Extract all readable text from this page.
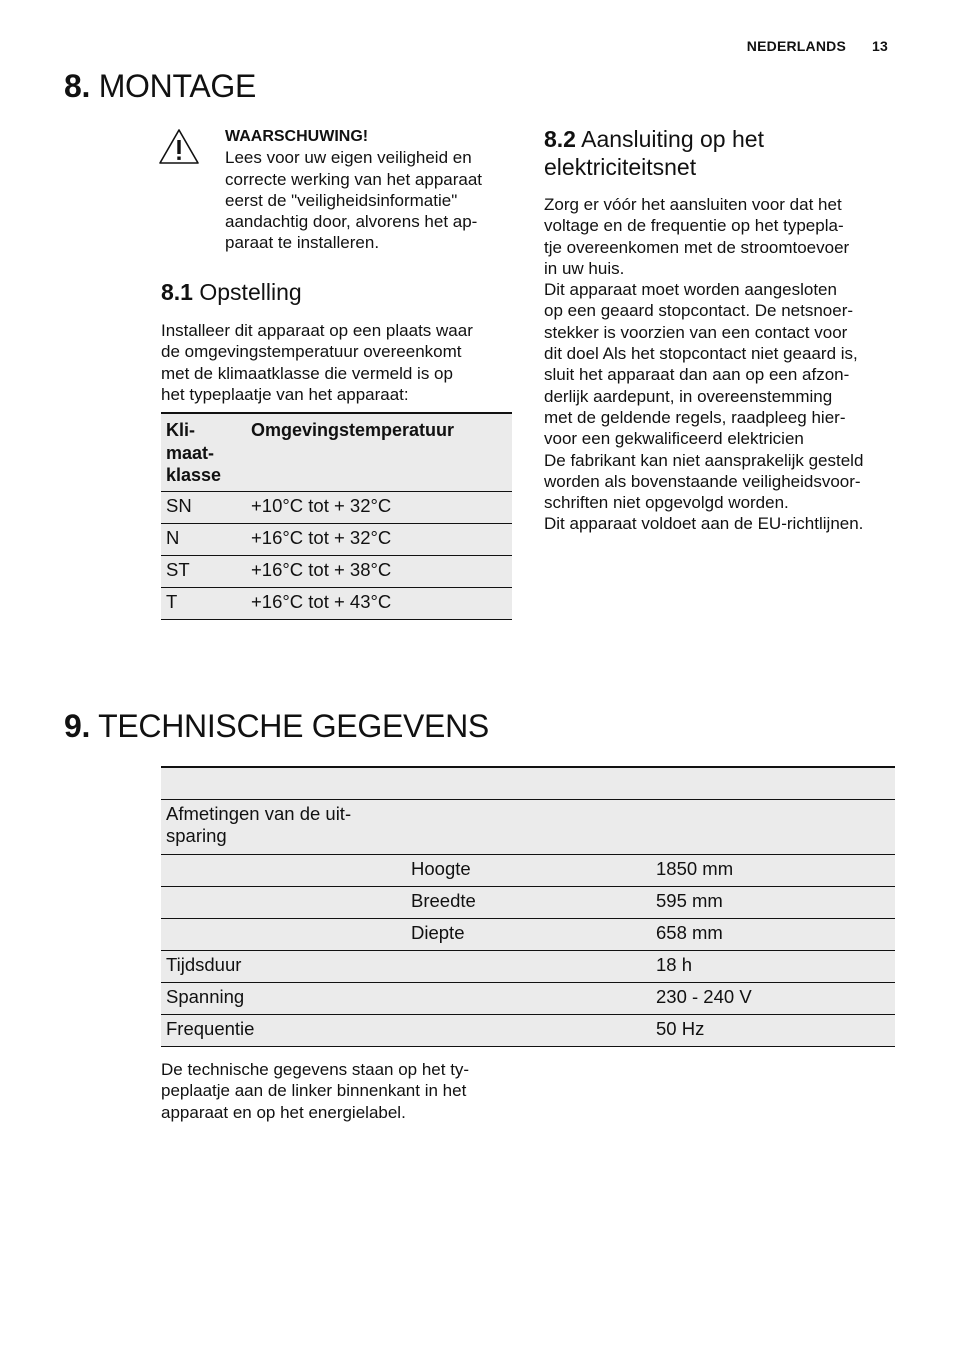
NEDERLANDS 13
8. MONTAGE
WAARSCHUWING!
Lees voor uw eigen veiligheid en
correcte werking van het apparaat
eerst de "veiligheidsinformatie"
aandachtig door, alvorens het ap-
paraat te installeren.
8.1 Opstelling
Installeer dit apparaat op een plaats waar
de omgevingstemperatuur overeenkomt
met de klimaatklasse die vermeld is op
het typeplaatje van het apparaat:
Kli-
maat-
klasse	Omgevingstemperatuur
SN	+10°C tot + 32°C
N	+16°C tot + 32°C
ST	+16°C tot + 38°C
T	+16°C tot + 43°C
8.2 Aansluiting op het
elektriciteitsnet
Zorg er vóór het aansluiten voor dat het
voltage en de frequentie op het typepla-
tje overeenkomen met de stroomtoevoer
in uw huis.
Dit apparaat moet worden aangesloten
op een geaard stopcontact. De netsnoer-
stekker is voorzien van een contact voor
dit doel Als het stopcontact niet geaard is,
sluit het apparaat dan aan op een afzon-
derlijk aardepunt, in overeenstemming
met de geldende regels, raadpleeg hier-
voor een gekwalificeerd elektricien
De fabrikant kan niet aansprakelijk gesteld
worden als bovenstaande veiligheidsvoor-
schriften niet opgevolgd worden.
Dit apparaat voldoet aan de EU-richtlijnen.
9. TECHNISCHE GEGEVENS

Afmetingen van de uit-
sparing		
	Hoogte	1850 mm
	Breedte	595 mm
	Diepte	658 mm
Tijdsduur		18 h
Spanning		230 - 240 V
Frequentie		50 Hz
De technische gegevens staan op het ty-
peplaatje aan de linker binnenkant in het
apparaat en op het energielabel.
